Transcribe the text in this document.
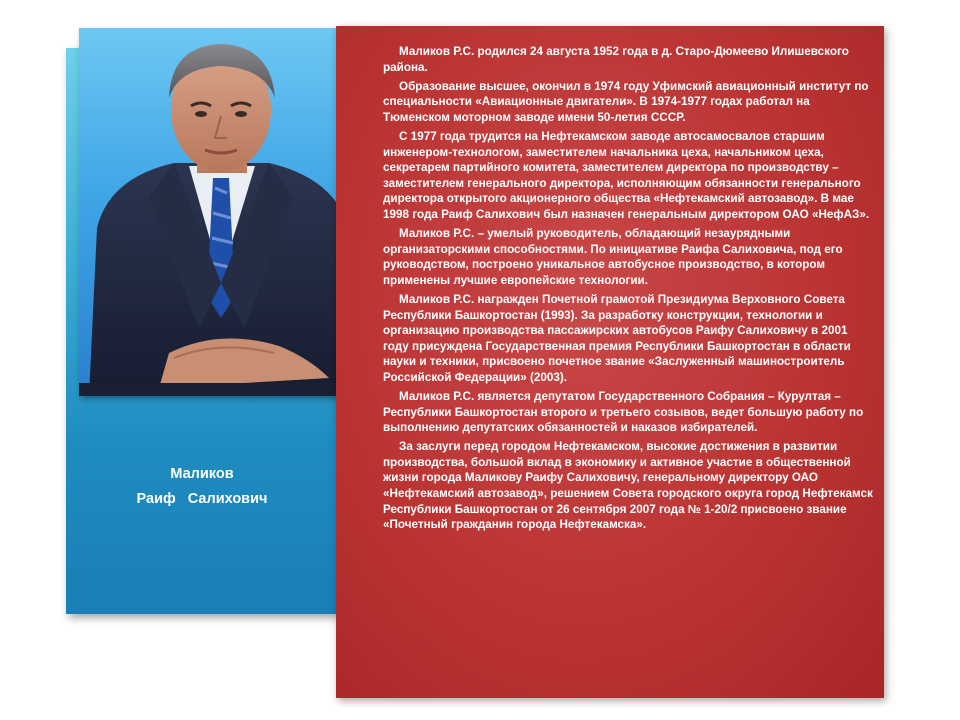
Маликов
Раиф   Салихович

Маликов Р.С. родился 24 августа 1952 года в д. Старо-Дюмеево Илишевского района.

Образование высшее, окончил в 1974 году Уфимский авиационный институт по специальности «Авиационные двигатели». В 1974-1977 годах работал на Тюменском моторном заводе имени 50-летия СССР.

С 1977 года трудится на Нефтекамском заводе автосамосвалов старшим инженером-технологом, заместителем начальника цеха, начальником цеха, секретарем партийного комитета, заместителем директора по производству – заместителем генерального директора, исполняющим обязанности генерального директора открытого акционерного общества «Нефтекамский автозавод». В мае 1998 года Раиф Салихович был назначен генеральным директором ОАО «НефАЗ».

Маликов Р.С. – умелый руководитель, обладающий незаурядными организаторскими способностями. По инициативе Раифа Салиховича, под его руководством, построено уникальное автобусное производство, в котором применены лучшие европейские технологии.

Маликов Р.С. награжден Почетной грамотой Президиума Верховного Совета Республики Башкортостан (1993). За разработку конструкции, технологии и организацию производства пассажирских автобусов Раифу Салиховичу в 2001 году присуждена Государственная премия Республики Башкортостан в области науки и техники, присвоено почетное звание «Заслуженный машиностроитель Российской Федерации» (2003).

Маликов Р.С. является депутатом Государственного Собрания – Курултая – Республики Башкортостан второго и третьего созывов, ведет большую работу по выполнению депутатских обязанностей и наказов избирателей.

За заслуги перед городом Нефтекамском, высокие достижения в развитии производства, большой вклад в экономику и активное участие в общественной жизни города Маликову Раифу Салиховичу, генеральному директору ОАО «Нефтекамский автозавод», решением Совета городского округа город Нефтекамск Республики Башкортостан от 26 сентября 2007 года № 1-20/2 присвоено звание «Почетный гражданин города Нефтекамска».
